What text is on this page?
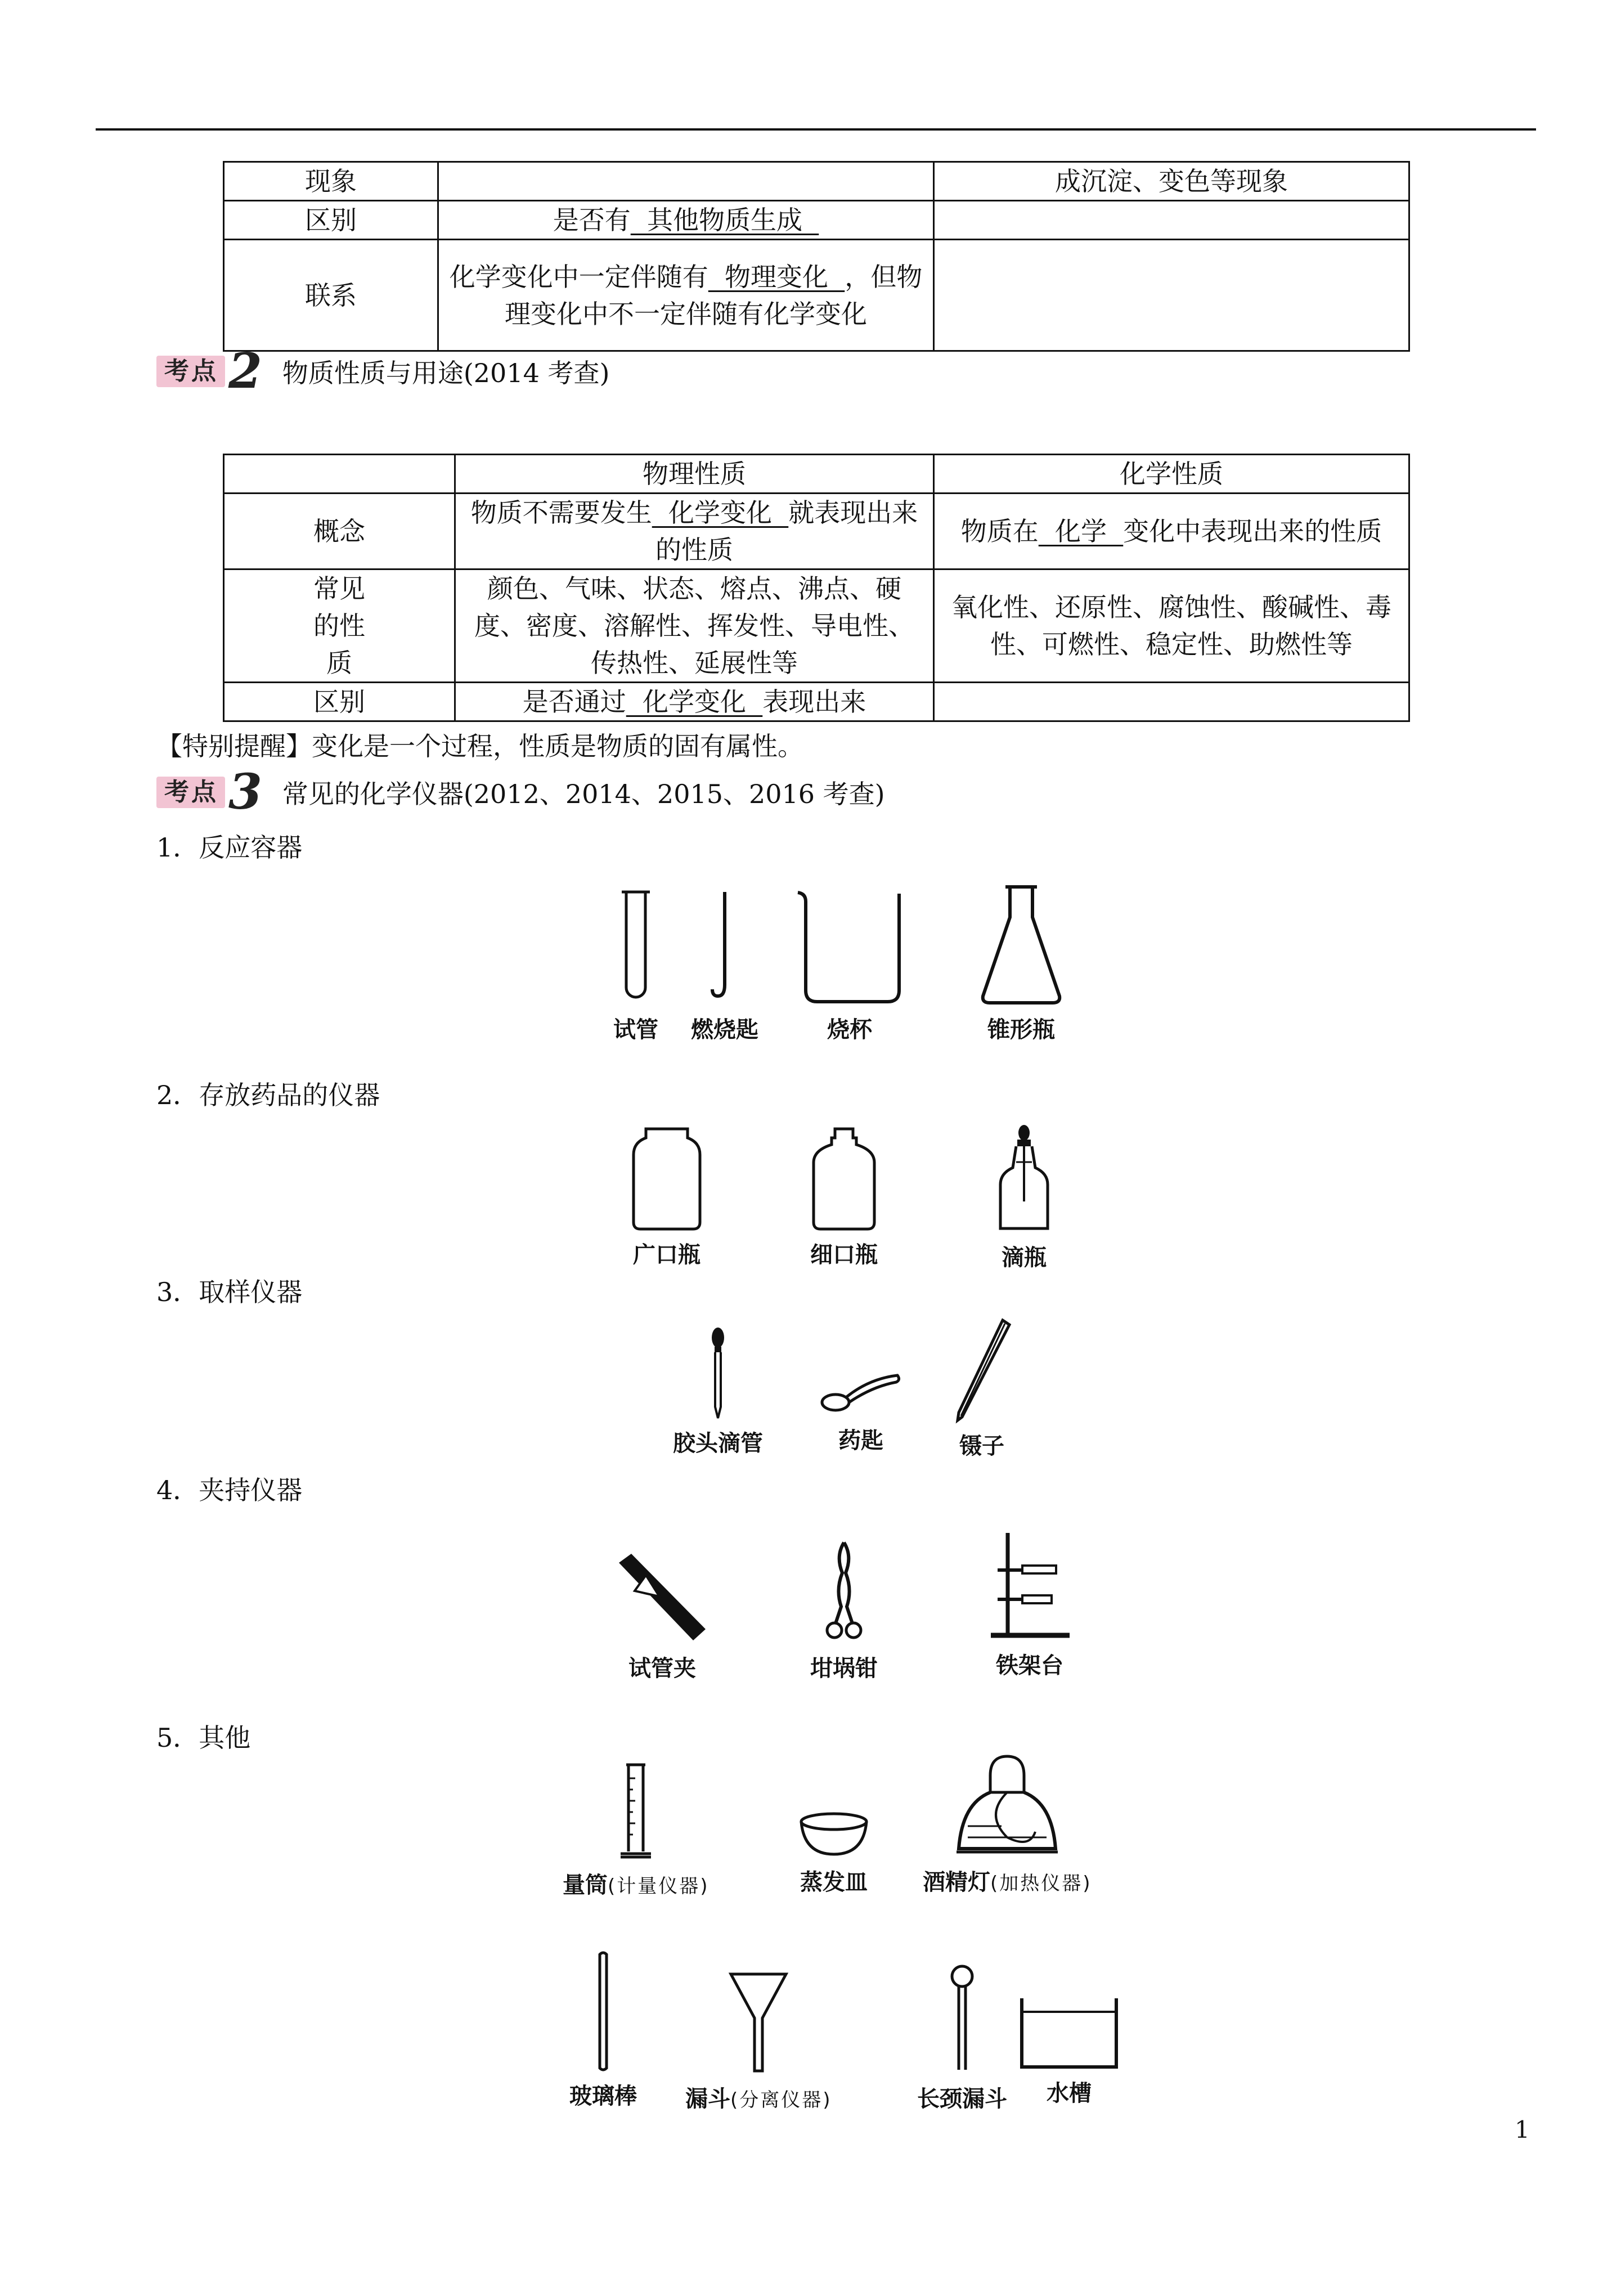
现象		成沉淀、变色等现象
区别	是否有 其他物质生成	
联系	化学变化中一定伴随有 物理变化 ，但物理变化中不一定伴随有化学变化	
考点 2 物质性质与用途(2014 考查)
	物理性质	化学性质
概念	物质不需要发生 化学变化 就表现出来的性质	物质在 化学 变化中表现出来的性质
常见的性质	颜色、气味、状态、熔点、沸点、硬度、密度、溶解性、挥发性、导电性、传热性、延展性等	氧化性、还原性、腐蚀性、酸碱性、毒性、可燃性、稳定性、助燃性等
区别	是否通过 化学变化 表现出来	
【特别提醒】变化是一个过程，性质是物质的固有属性。
考点 3 常见的化学仪器(2012、2014、2015、2016 考查)
1．反应容器
试管 燃烧匙	烧杯	锥形瓶
2．存放药品的仪器
广口瓶	细口瓶	滴瓶
3．取样仪器
胶头滴管	药匙	镊子
4．夹持仪器
试管夹	坩埚钳	铁架台
5．其他
量筒(计量仪器)	蒸发皿 酒精灯(加热仪器)
玻璃棒 漏斗(分离仪器)	长颈漏斗 水槽
1
